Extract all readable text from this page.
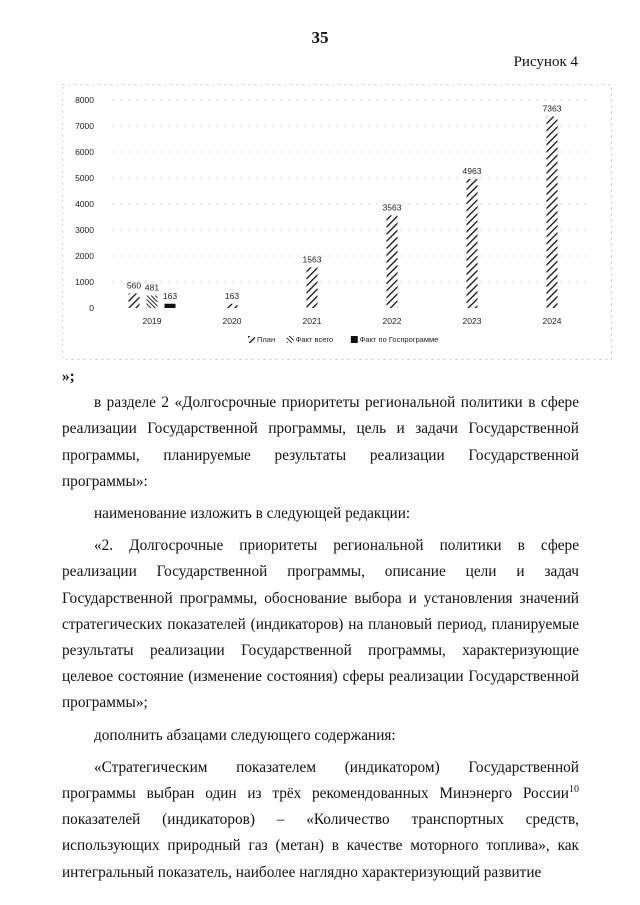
35
Рисунок 4
0
1000
2000
3000
4000
5000
6000
7000
8000
560 481
163	163
1563
3563
4963
7363
2019	2020	2021	2022	2023	2024
План	Факт всего	Факт по Госпрограмме

»;

в разделе 2 «Долгосрочные приоритеты региональной политики в сфере реализации Государственной программы, цель и задачи Государственной программы, планируемые результаты реализации Государственной программы»:

наименование изложить в следующей редакции:

«2. Долгосрочные приоритеты региональной политики в сфере реализации Государственной программы, описание цели и задач Государственной программы, обоснование выбора и установления значений стратегических показателей (индикаторов) на плановый период, планируемые результаты реализации Государственной программы, характеризующие целевое состояние (изменение состояния) сферы реализации Государственной программы»;

дополнить абзацами следующего содержания:

«Стратегическим показателем (индикатором) Государственной программы выбран один из трёх рекомендованных Минэнерго России$^{10}$ показателей (индикаторов) – «Количество транспортных средств, использующих природный газ (метан) в качестве моторного топлива», как интегральный показатель, наиболее наглядно характеризующий развитие
